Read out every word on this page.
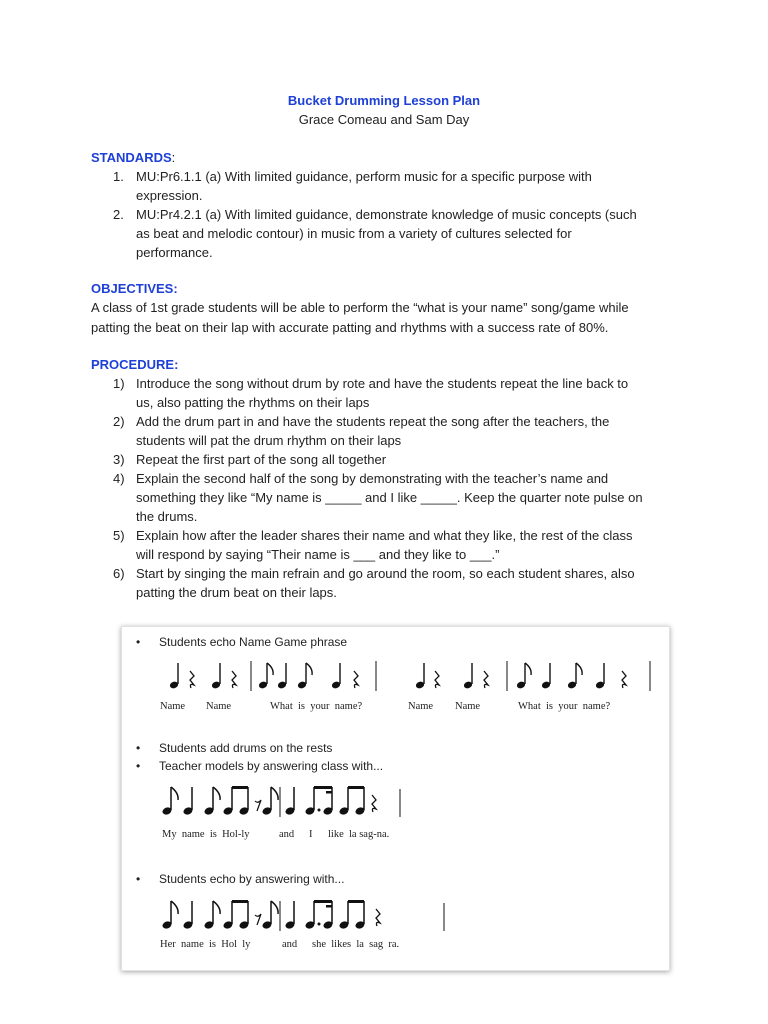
Bucket Drumming Lesson Plan
Grace Comeau and Sam Day
STANDARDS:
1. MU:Pr6.1.1 (a) With limited guidance, perform music for a specific purpose with
expression.
2. MU:Pr4.2.1 (a) With limited guidance, demonstrate knowledge of music concepts (such
as beat and melodic contour) in music from a variety of cultures selected for
performance.
OBJECTIVES:
A class of 1st grade students will be able to perform the “what is your name” song/game while
patting the beat on their lap with accurate patting and rhythms with a success rate of 80%.
PROCEDURE:
1) Introduce the song without drum by rote and have the students repeat the line back to
us, also patting the rhythms on their laps
2) Add the drum part in and have the students repeat the song after the teachers, the
students will pat the drum rhythm on their laps
3) Repeat the first part of the song all together
4) Explain the second half of the song by demonstrating with the teacher’s name and
something they like “My name is _____ and I like _____. Keep the quarter note pulse on
the drums.
5) Explain how after the leader shares their name and what they like, the rest of the class
will respond by saying “Their name is ___ and they like to ___.”
6) Start by singing the main refrain and go around the room, so each student shares, also
patting the drum beat on their laps.
• Students echo Name Game phrase
Name Name	What  is  your  name?	Name Name	What  is  your  name?
• Students add drums on the rests
• Teacher models by answering class with...
My  name  is  Hol-ly	and I like  la sag-na.
• Students echo by answering with...
Her  name  is  Hol  ly	and she  likes  la  sag  ra.
